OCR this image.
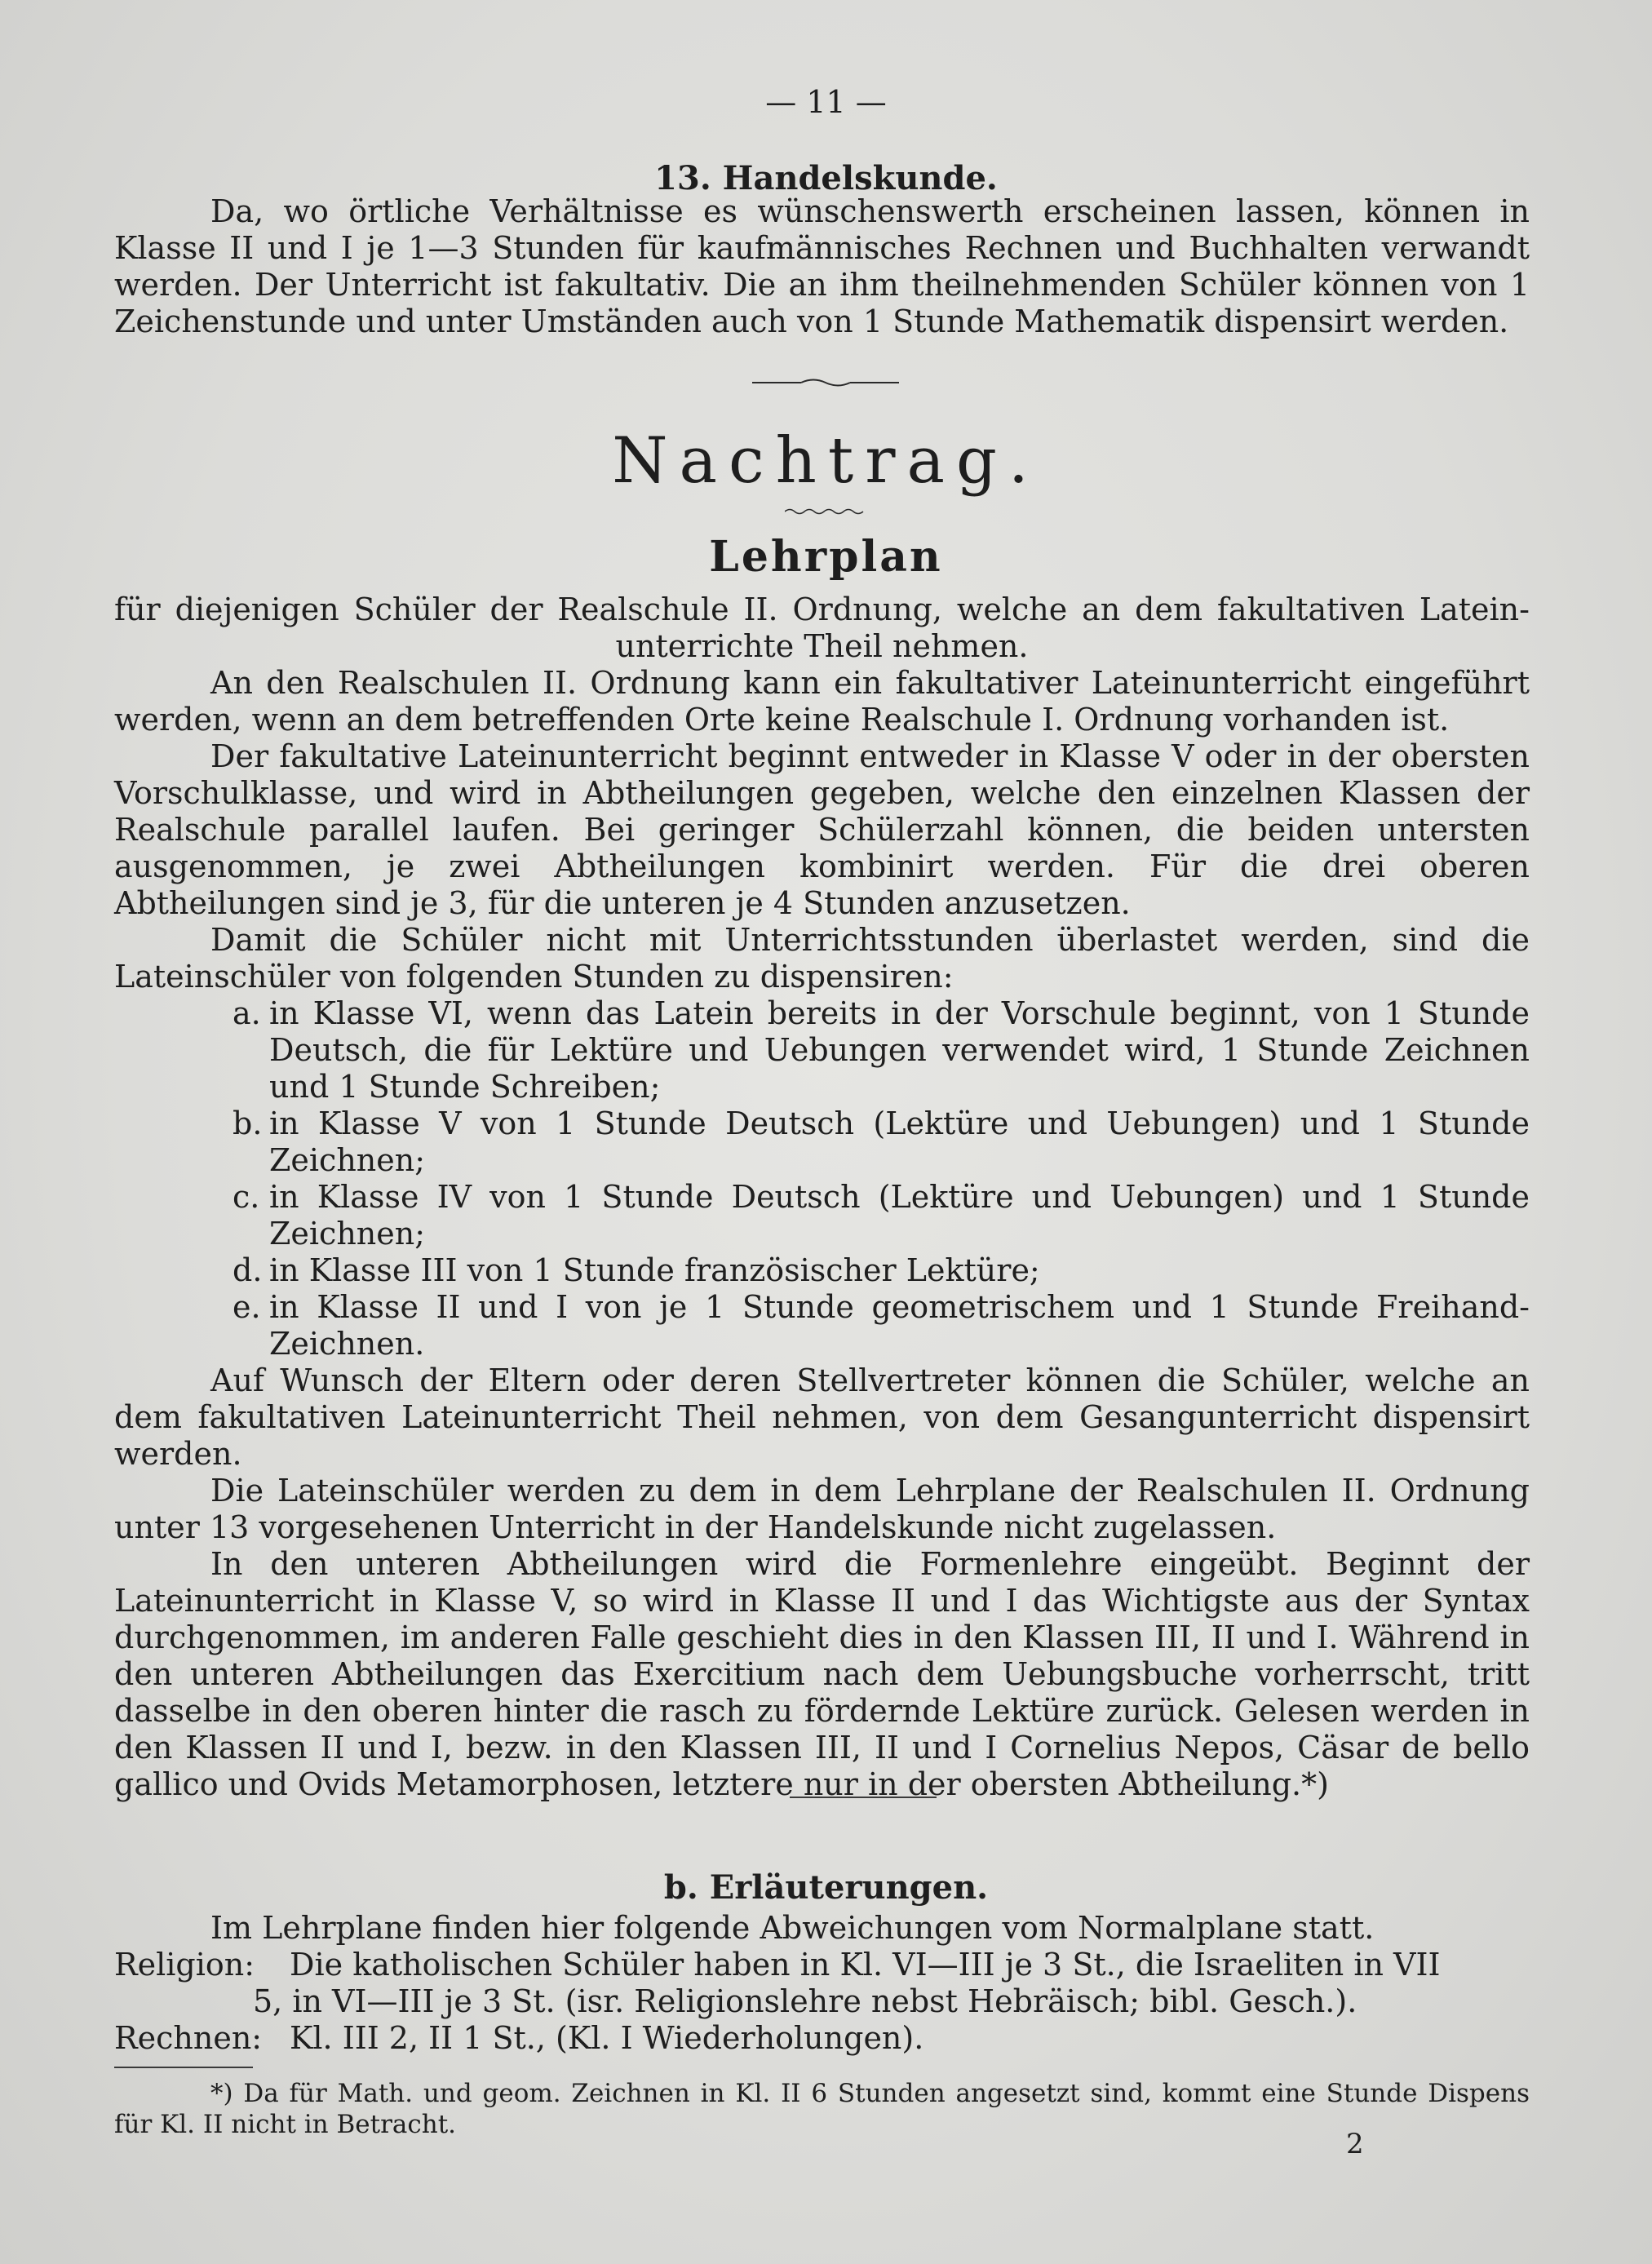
— 11 —
13. Handelskunde.

Da, wo örtliche Verhältnisse es wünschenswerth erscheinen lassen, können in Klasse II und I je 1—3 Stunden für kaufmännisches Rechnen und Buchhalten verwandt werden. Der Unterricht ist fakultativ. Die an ihm theilnehmenden Schüler können von 1 Zeichenstunde und unter Umständen auch von 1 Stunde Mathematik dispensirt werden.

Nachtrag.
Lehrplan

für diejenigen Schüler der Realschule II. Ordnung, welche an dem fakultativen Latein-

unterrichte Theil nehmen.

An den Realschulen II. Ordnung kann ein fakultativer Lateinunterricht eingeführt werden, wenn an dem betreffenden Orte keine Realschule I. Ordnung vorhanden ist.

Der fakultative Lateinunterricht beginnt entweder in Klasse V oder in der obersten Vorschulklasse, und wird in Abtheilungen gegeben, welche den einzelnen Klassen der Realschule parallel laufen. Bei geringer Schülerzahl können, die beiden untersten ausgenommen, je zwei Abtheilungen kombinirt werden. Für die drei oberen Abtheilungen sind je 3, für die unteren je 4 Stunden anzusetzen.

Damit die Schüler nicht mit Unterrichtsstunden überlastet werden, sind die Lateinschüler von folgenden Stunden zu dispensiren:

a. in Klasse VI, wenn das Latein bereits in der Vorschule beginnt, von 1 Stunde Deutsch, die für Lektüre und Uebungen verwendet wird, 1 Stunde Zeichnen und 1 Stunde Schreiben;
b. in Klasse V von 1 Stunde Deutsch (Lektüre und Uebungen) und 1 Stunde Zeichnen;
c. in Klasse IV von 1 Stunde Deutsch (Lektüre und Uebungen) und 1 Stunde Zeichnen;
d. in Klasse III von 1 Stunde französischer Lektüre;
e. in Klasse II und I von je 1 Stunde geometrischem und 1 Stunde Freihand-Zeichnen.

Auf Wunsch der Eltern oder deren Stellvertreter können die Schüler, welche an dem fakultativen Lateinunterricht Theil nehmen, von dem Gesangunterricht dispensirt werden.

Die Lateinschüler werden zu dem in dem Lehrplane der Realschulen II. Ordnung unter 13 vorgesehenen Unterricht in der Handelskunde nicht zugelassen.

In den unteren Abtheilungen wird die Formenlehre eingeübt. Beginnt der Lateinunterricht in Klasse V, so wird in Klasse II und I das Wichtigste aus der Syntax durchgenommen, im anderen Falle geschieht dies in den Klassen III, II und I. Während in den unteren Abtheilungen das Exercitium nach dem Uebungsbuche vorherrscht, tritt dasselbe in den oberen hinter die rasch zu fördernde Lektüre zurück. Gelesen werden in den Klassen II und I, bezw. in den Klassen III, II und I Cornelius Nepos, Cäsar de bello gallico und Ovids Metamorphosen, letztere nur in der obersten Abtheilung.*)

b. Erläuterungen.

Im Lehrplane finden hier folgende Abweichungen vom Normalplane statt.

Religion: Die katholischen Schüler haben in Kl. VI—III je 3 St., die Israeliten in VII
5, in VI—III je 3 St. (isr. Religionslehre nebst Hebräisch; bibl. Gesch.).
Rechnen: Kl. III 2, II 1 St., (Kl. I Wiederholungen).
*) Da für Math. und geom. Zeichnen in Kl. II 6 Stunden angesetzt sind, kommt eine Stunde Dispens für Kl. II nicht in Betracht.
2
